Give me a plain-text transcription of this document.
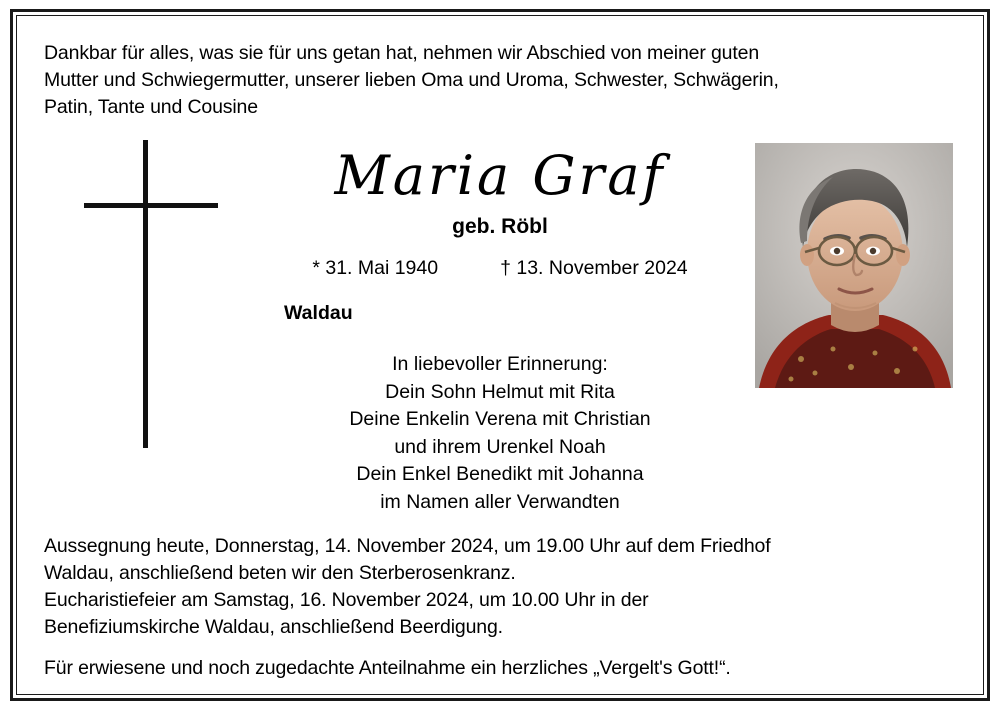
Dankbar für alles, was sie für uns getan hat, nehmen wir Abschied von meiner guten
Mutter und Schwiegermutter, unserer lieben Oma und Uroma, Schwester, Schwägerin,
Patin, Tante und Cousine
Maria Graf
geb. Röbl
* 31. Mai 1940	† 13. November 2024
Waldau
In liebevoller Erinnerung:
Dein Sohn Helmut mit Rita
Deine Enkelin Verena mit Christian
und ihrem Urenkel Noah
Dein Enkel Benedikt mit Johanna
im Namen aller Verwandten
Aussegnung heute, Donnerstag, 14. November 2024, um 19.00 Uhr auf dem Friedhof
Waldau, anschließend beten wir den Sterberosenkranz.
Eucharistiefeier am Samstag, 16. November 2024, um 10.00 Uhr in der
Benefiziumskirche Waldau, anschließend Beerdigung.
Für erwiesene und noch zugedachte Anteilnahme ein herzliches „Vergelt's Gott!“.
